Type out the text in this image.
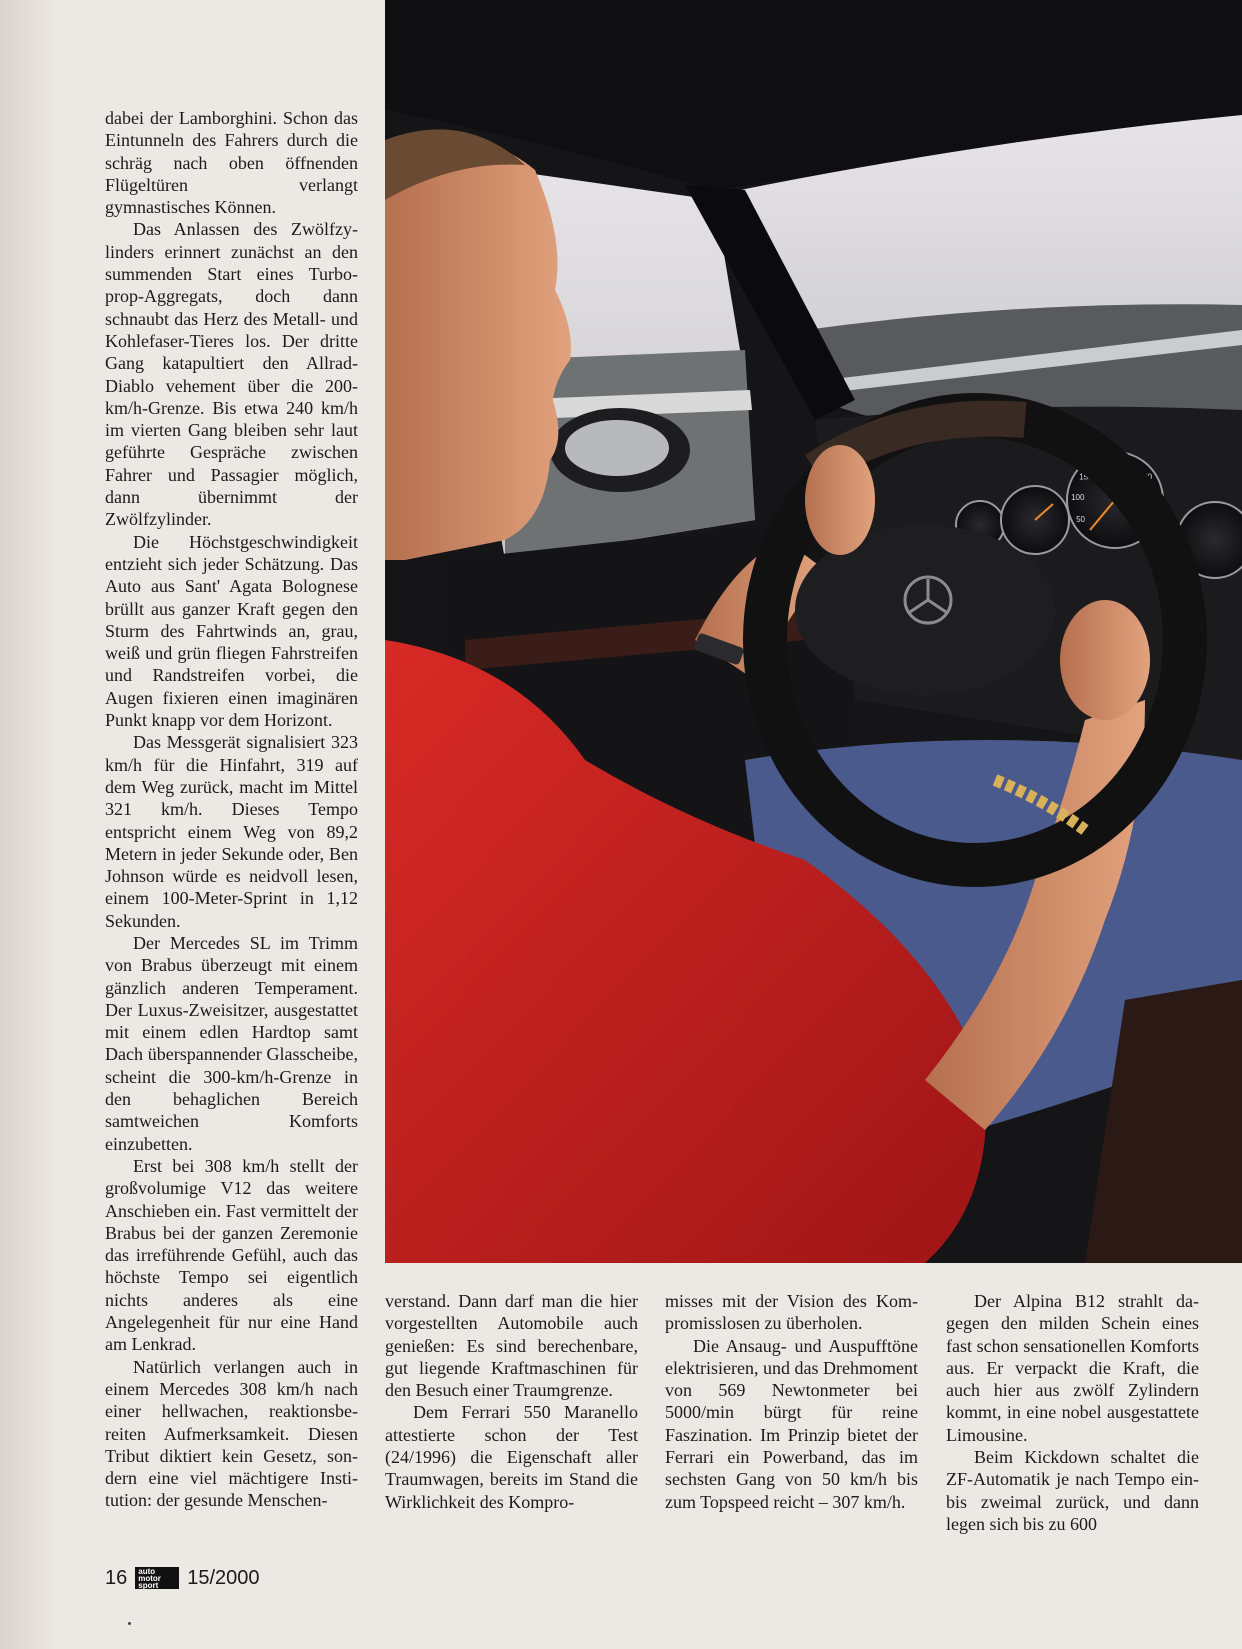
dabei der Lamborghini. Schon das Eintunneln des Fahrers durch die schräg nach oben öffnenden Flügeltüren verlangt gymnastisches Können.

Das Anlassen des Zwölfzylinders erinnert zunächst an den summenden Start eines Turboprop-Aggregats, doch dann schnaubt das Herz des Metall- und Kohlefaser-Tieres los. Der dritte Gang katapultiert den Allrad-Diablo vehement über die 200-km/h-Grenze. Bis etwa 240 km/h im vierten Gang bleiben sehr laut geführte Gespräche zwischen Fahrer und Passagier möglich, dann übernimmt der Zwölfzylinder.

Die Höchstgeschwindigkeit entzieht sich jeder Schätzung. Das Auto aus Sant' Agata Bolognese brüllt aus ganzer Kraft gegen den Sturm des Fahrtwinds an, grau, weiß und grün fliegen Fahrstreifen und Randstreifen vorbei, die Augen fixieren einen imaginären Punkt knapp vor dem Horizont.

Das Messgerät signalisiert 323 km/h für die Hinfahrt, 319 auf dem Weg zurück, macht im Mittel 321 km/h. Dieses Tempo entspricht einem Weg von 89,2 Metern in jeder Sekunde oder, Ben Johnson würde es neidvoll lesen, einem 100-Meter-Sprint in 1,12 Sekunden.

Der Mercedes SL im Trimm von Brabus überzeugt mit einem gänzlich anderen Temperament. Der Luxus-Zweisitzer, ausgestattet mit einem edlen Hardtop samt Dach überspannender Glasscheibe, scheint die 300-km/h-Grenze in den behaglichen Bereich samtweichen Komforts einzubetten.

Erst bei 308 km/h stellt der großvolumige V12 das weitere Anschieben ein. Fast vermittelt der Brabus bei der ganzen Zeremonie das irreführende Gefühl, auch das höchste Tempo sei eigentlich nichts anderes als eine Angelegenheit für nur eine Hand am Lenkrad.

Natürlich verlangen auch in einem Mercedes 308 km/h nach einer hellwachen, reaktionsbereiten Aufmerksamkeit. Diesen Tribut diktiert kein Gesetz, sondern eine viel mächtigere Institution: der gesunde Menschen-

50
100
150
210 240
270
300
330

verstand. Dann darf man die hier vorgestellten Automobile auch genießen: Es sind berechenbare, gut liegende Kraftmaschinen für den Besuch einer Traumgrenze.

Dem Ferrari 550 Maranello attestierte schon der Test (24/1996) die Eigenschaft aller Traumwagen, bereits im Stand die Wirklichkeit des Kompro-

misses mit der Vision des Kompromisslosen zu überholen.

Die Ansaug- und Auspufftöne elektrisieren, und das Drehmoment von 569 Newtonmeter bei 5000/min bürgt für reine Faszination. Im Prinzip bietet der Ferrari ein Powerband, das im sechsten Gang von 50 km/h bis zum Topspeed reicht – 307 km/h.

Der Alpina B12 strahlt dagegen den milden Schein eines fast schon sensationellen Komforts aus. Er verpackt die Kraft, die auch hier aus zwölf Zylindern kommt, in eine nobel ausgestattete Limousine.

Beim Kickdown schaltet die ZF-Automatik je nach Tempo ein- bis zweimal zurück, und dann legen sich bis zu 600

16 auto
motor
sport	15/2000
